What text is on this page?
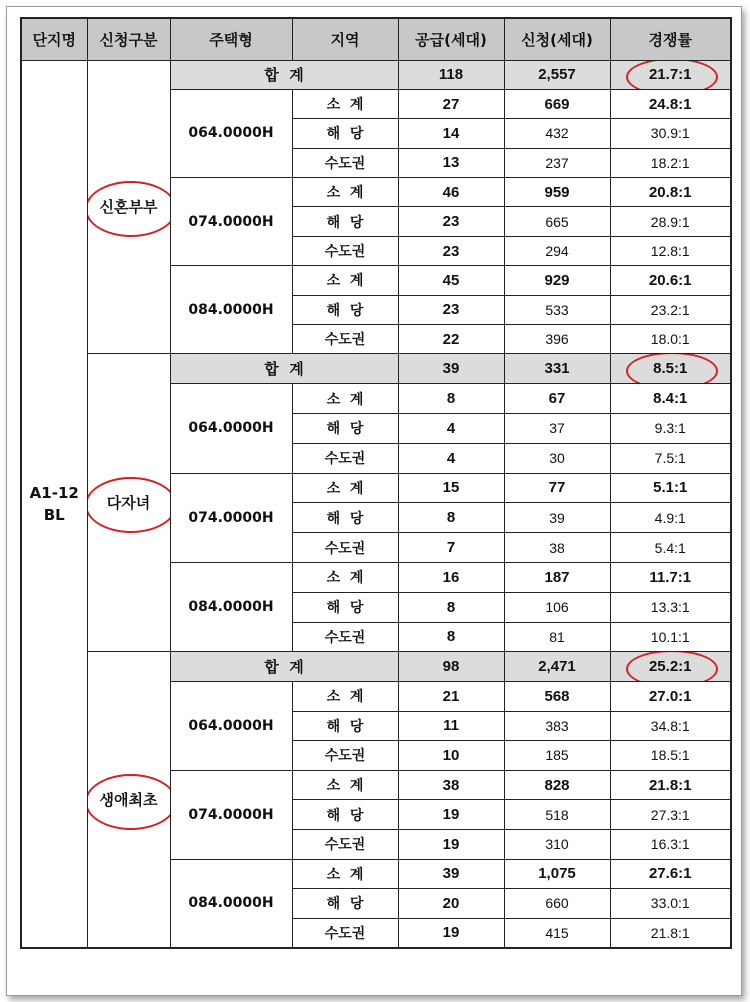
단지명	신청구분	주택형	지역	공급(세대)	신청(세대)	경쟁률
A1-12 BL	신혼부부	합  계		118	2,557	21.7:1

		064.0000H	소  계	27	669	24.8:1
			해  당	14	432	30.9:1
			수도권	13	237	18.2:1
		074.0000H	소  계	46	959	20.8:1
			해  당	23	665	28.9:1
			수도권	23	294	12.8:1
		084.0000H	소  계	45	929	20.6:1
			해  당	23	533	23.2:1
			수도권	22	396	18.0:1
	다자녀	합  계		39	331	8.5:1

		064.0000H	소  계	8	67	8.4:1
			해  당	4	37	9.3:1
			수도권	4	30	7.5:1
		074.0000H	소  계	15	77	5.1:1
			해  당	8	39	4.9:1
			수도권	7	38	5.4:1
		084.0000H	소  계	16	187	11.7:1
			해  당	8	106	13.3:1
			수도권	8	81	10.1:1
	생애최초	합  계		98	2,471	25.2:1

		064.0000H	소  계	21	568	27.0:1
			해  당	11	383	34.8:1
			수도권	10	185	18.5:1
		074.0000H	소  계	38	828	21.8:1
			해  당	19	518	27.3:1
			수도권	19	310	16.3:1
		084.0000H	소  계	39	1,075	27.6:1
			해  당	20	660	33.0:1
			수도권	19	415	21.8:1
